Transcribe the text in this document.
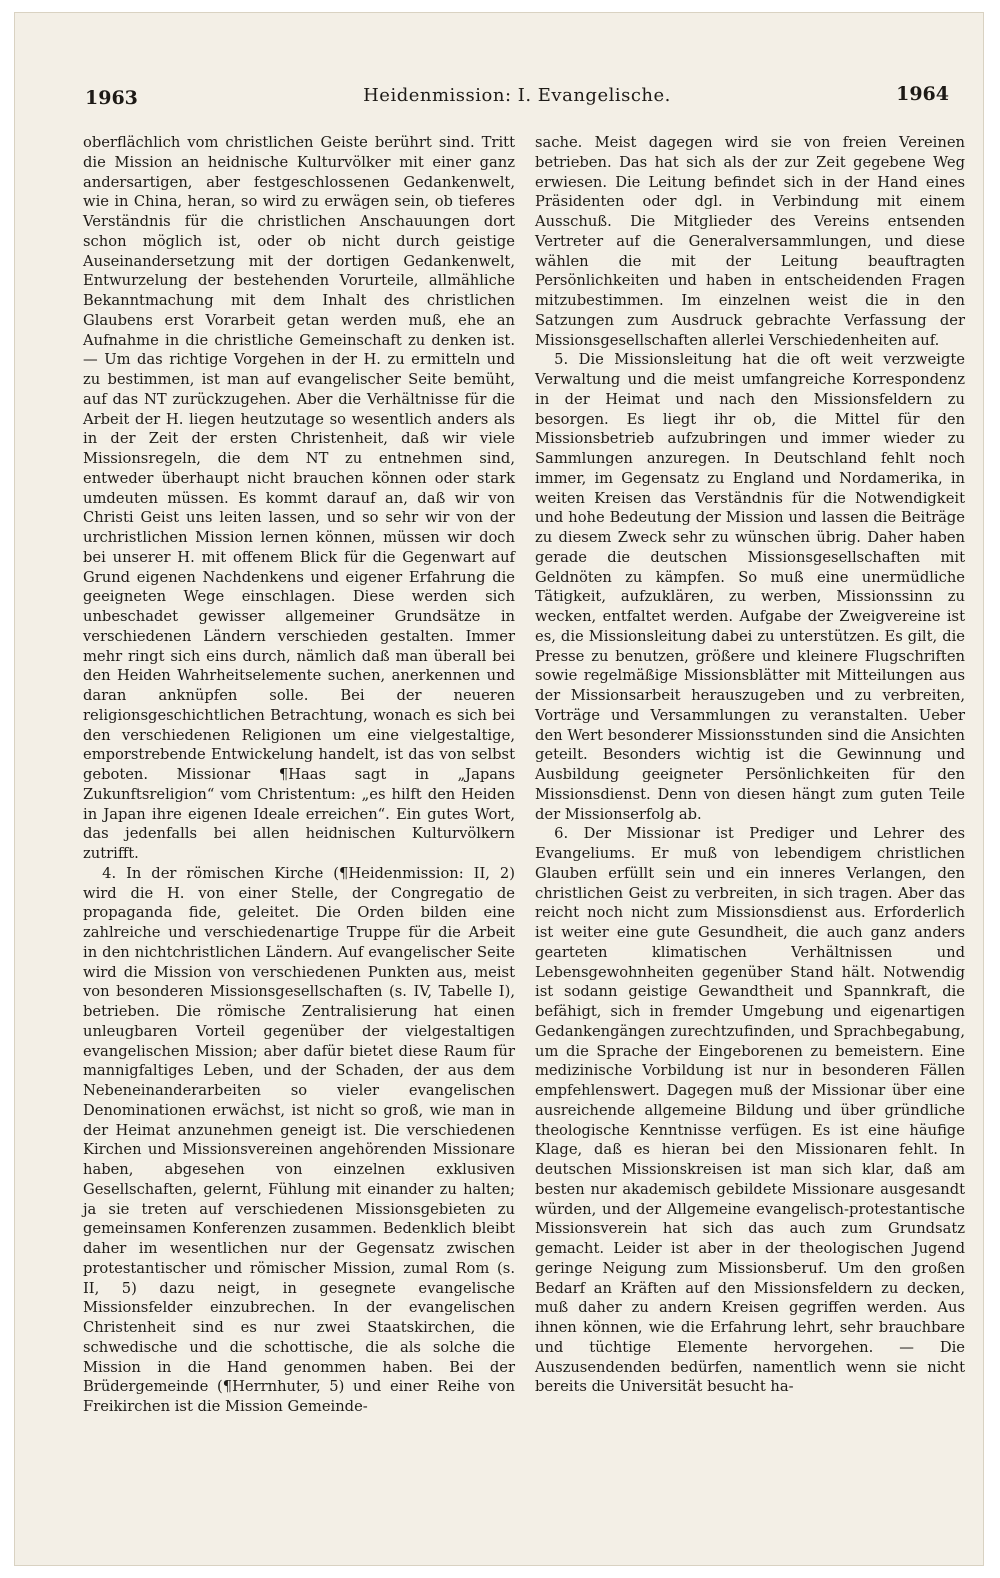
1963	Heidenmission: I. Evangelische.	1964

oberflächlich vom christlichen Geiste berührt sind. Tritt die Mission an heidnische Kulturvölker mit einer ganz andersartigen, aber festgeschlossenen Gedankenwelt, wie in China, heran, so wird zu erwägen sein, ob tieferes Verständnis für die christlichen Anschauungen dort schon möglich ist, oder ob nicht durch geistige Auseinandersetzung mit der dortigen Gedankenwelt, Entwurzelung der bestehenden Vorurteile, allmähliche Bekanntmachung mit dem Inhalt des christlichen Glaubens erst Vorarbeit getan werden muß, ehe an Aufnahme in die christliche Gemeinschaft zu denken ist. — Um das richtige Vorgehen in der H. zu ermitteln und zu bestimmen, ist man auf evangelischer Seite bemüht, auf das NT zurückzugehen. Aber die Verhältnisse für die Arbeit der H. liegen heutzutage so wesentlich anders als in der Zeit der ersten Christenheit, daß wir viele Missionsregeln, die dem NT zu entnehmen sind, entweder überhaupt nicht brauchen können oder stark umdeuten müssen. Es kommt darauf an, daß wir von Christi Geist uns leiten lassen, und so sehr wir von der urchristlichen Mission lernen können, müssen wir doch bei unserer H. mit offenem Blick für die Gegenwart auf Grund eigenen Nachdenkens und eigener Erfahrung die geeigneten Wege einschlagen. Diese werden sich unbeschadet gewisser allgemeiner Grundsätze in verschiedenen Ländern verschieden gestalten. Immer mehr ringt sich eins durch, nämlich daß man überall bei den Heiden Wahrheitselemente suchen, anerkennen und daran anknüpfen solle. Bei der neueren religionsgeschichtlichen Betrachtung, wonach es sich bei den verschiedenen Religionen um eine vielgestaltige, emporstrebende Entwickelung handelt, ist das von selbst geboten. Missionar ¶Haas sagt in „Japans Zukunftsreligion“ vom Christentum: „es hilft den Heiden in Japan ihre eigenen Ideale erreichen“. Ein gutes Wort, das jedenfalls bei allen heidnischen Kulturvölkern zutrifft.

4. In der römischen Kirche (¶Heidenmission: II, 2) wird die H. von einer Stelle, der Congregatio de propaganda fide, geleitet. Die Orden bilden eine zahlreiche und verschiedenartige Truppe für die Arbeit in den nichtchristlichen Ländern. Auf evangelischer Seite wird die Mission von verschiedenen Punkten aus, meist von besonderen Missionsgesellschaften (s. IV, Tabelle I), betrieben. Die römische Zentralisierung hat einen unleugbaren Vorteil gegenüber der vielgestaltigen evangelischen Mission; aber dafür bietet diese Raum für mannigfaltiges Leben, und der Schaden, der aus dem Nebeneinanderarbeiten so vieler evangelischen Denominationen erwächst, ist nicht so groß, wie man in der Heimat anzunehmen geneigt ist. Die verschiedenen Kirchen und Missionsvereinen angehörenden Missionare haben, abgesehen von einzelnen exklusiven Gesellschaften, gelernt, Fühlung mit einander zu halten; ja sie treten auf verschiedenen Missionsgebieten zu gemeinsamen Konferenzen zusammen. Bedenklich bleibt daher im wesentlichen nur der Gegensatz zwischen protestantischer und römischer Mission, zumal Rom (s. II, 5) dazu neigt, in gesegnete evangelische Missionsfelder einzubrechen. In der evangelischen Christenheit sind es nur zwei Staatskirchen, die schwedische und die schottische, die als solche die Mission in die Hand genommen haben. Bei der Brüdergemeinde (¶Herrnhuter, 5) und einer Reihe von Freikirchen ist die Mission Gemeinde-

sache. Meist dagegen wird sie von freien Vereinen betrieben. Das hat sich als der zur Zeit gegebene Weg erwiesen. Die Leitung befindet sich in der Hand eines Präsidenten oder dgl. in Verbindung mit einem Ausschuß. Die Mitglieder des Vereins entsenden Vertreter auf die Generalversammlungen, und diese wählen die mit der Leitung beauftragten Persönlichkeiten und haben in entscheidenden Fragen mitzubestimmen. Im einzelnen weist die in den Satzungen zum Ausdruck gebrachte Verfassung der Missionsgesellschaften allerlei Verschiedenheiten auf.

5. Die Missionsleitung hat die oft weit verzweigte Verwaltung und die meist umfangreiche Korrespondenz in der Heimat und nach den Missionsfeldern zu besorgen. Es liegt ihr ob, die Mittel für den Missionsbetrieb aufzubringen und immer wieder zu Sammlungen anzuregen. In Deutschland fehlt noch immer, im Gegensatz zu England und Nordamerika, in weiten Kreisen das Verständnis für die Notwendigkeit und hohe Bedeutung der Mission und lassen die Beiträge zu diesem Zweck sehr zu wünschen übrig. Daher haben gerade die deutschen Missionsgesellschaften mit Geldnöten zu kämpfen. So muß eine unermüdliche Tätigkeit, aufzuklären, zu werben, Missionssinn zu wecken, entfaltet werden. Aufgabe der Zweigvereine ist es, die Missionsleitung dabei zu unterstützen. Es gilt, die Presse zu benutzen, größere und kleinere Flugschriften sowie regelmäßige Missionsblätter mit Mitteilungen aus der Missionsarbeit herauszugeben und zu verbreiten, Vorträge und Versammlungen zu veranstalten. Ueber den Wert besonderer Missionsstunden sind die Ansichten geteilt. Besonders wichtig ist die Gewinnung und Ausbildung geeigneter Persönlichkeiten für den Missionsdienst. Denn von diesen hängt zum guten Teile der Missionserfolg ab.

6. Der Missionar ist Prediger und Lehrer des Evangeliums. Er muß von lebendigem christlichen Glauben erfüllt sein und ein inneres Verlangen, den christlichen Geist zu verbreiten, in sich tragen. Aber das reicht noch nicht zum Missionsdienst aus. Erforderlich ist weiter eine gute Gesundheit, die auch ganz anders gearteten klimatischen Verhältnissen und Lebensgewohnheiten gegenüber Stand hält. Notwendig ist sodann geistige Gewandtheit und Spannkraft, die befähigt, sich in fremder Umgebung und eigenartigen Gedankengängen zurechtzufinden, und Sprachbegabung, um die Sprache der Eingeborenen zu bemeistern. Eine medizinische Vorbildung ist nur in besonderen Fällen empfehlenswert. Dagegen muß der Missionar über eine ausreichende allgemeine Bildung und über gründliche theologische Kenntnisse verfügen. Es ist eine häufige Klage, daß es hieran bei den Missionaren fehlt. In deutschen Missionskreisen ist man sich klar, daß am besten nur akademisch gebildete Missionare ausgesandt würden, und der Allgemeine evangelisch-protestantische Missionsverein hat sich das auch zum Grundsatz gemacht. Leider ist aber in der theologischen Jugend geringe Neigung zum Missionsberuf. Um den großen Bedarf an Kräften auf den Missionsfeldern zu decken, muß daher zu andern Kreisen gegriffen werden. Aus ihnen können, wie die Erfahrung lehrt, sehr brauchbare und tüchtige Elemente hervorgehen. — Die Auszusendenden bedürfen, namentlich wenn sie nicht bereits die Universität besucht ha-
